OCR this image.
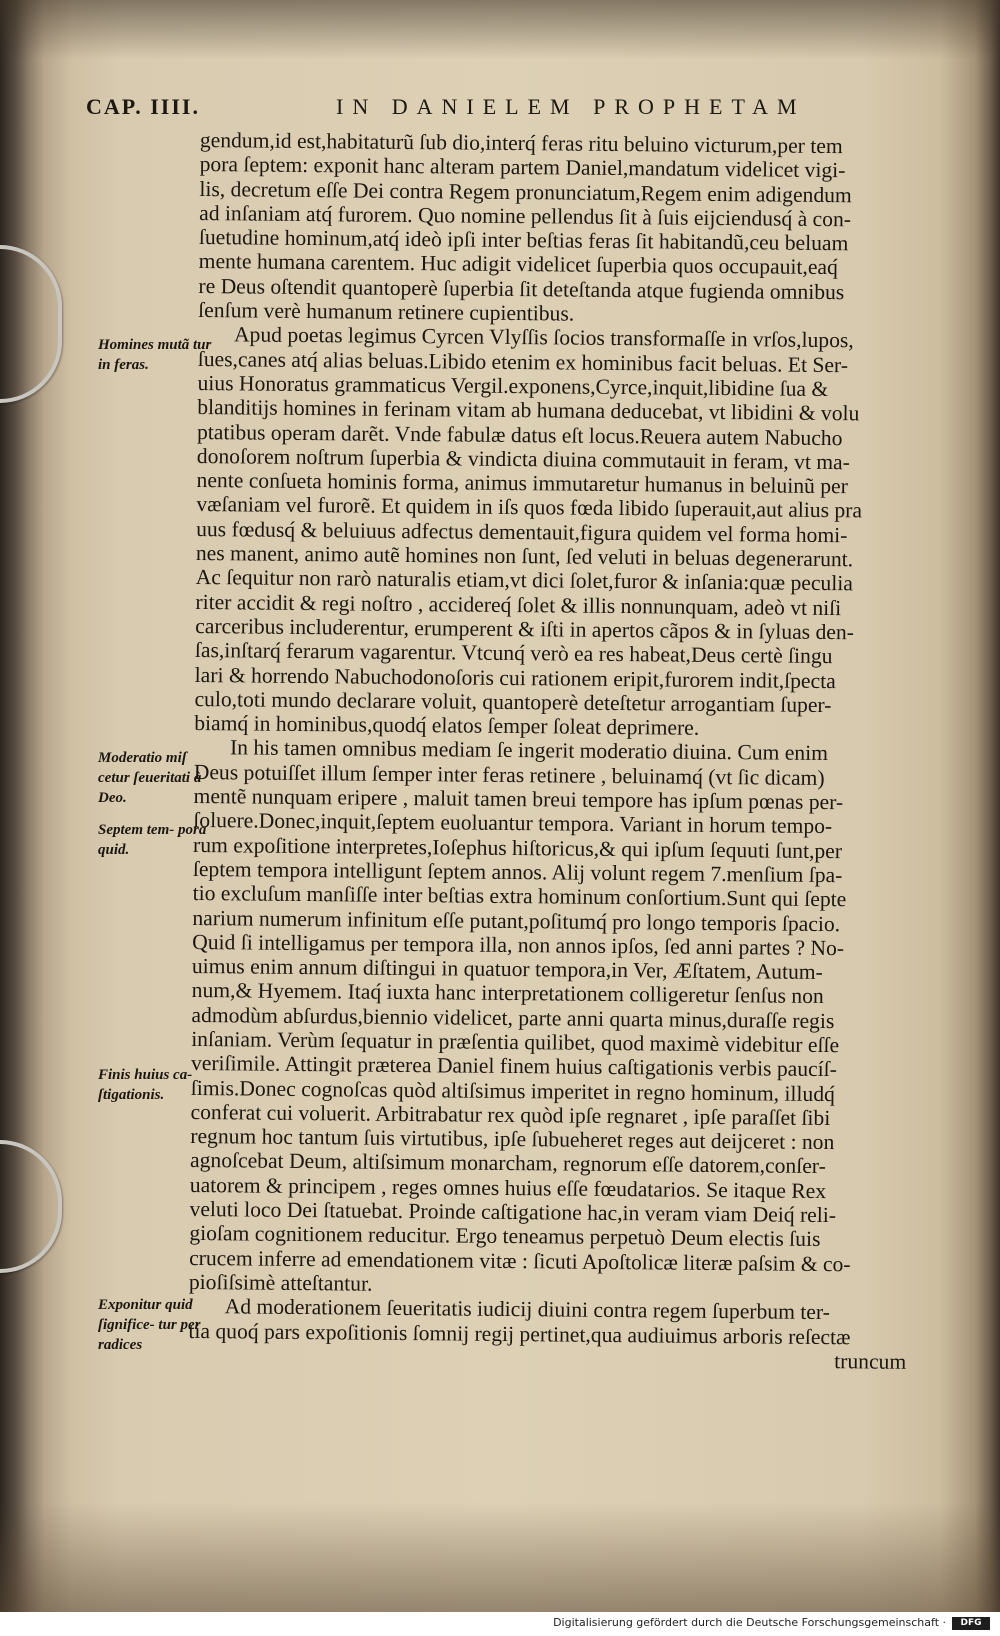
CAP. IIII.	IN DANIELEM PROPHETAM
gendum,id est,habitaturũ ſub dio,interq́ feras ritu beluino victurum,per tem
pora ſeptem: exponit hanc alteram partem Daniel,mandatum videlicet vigi-
lis, decretum eſſe Dei contra Regem pronunciatum,Regem enim adigendum
ad inſaniam atq́ furorem. Quo nomine pellendus ſit à ſuis eijciendusq́ à con-
ſuetudine hominum,atq́ ideò ipſi inter beſtias feras ſit habitandũ,ceu beluam
mente humana carentem. Huc adigit videlicet ſuperbia quos occupauit,eaq́
re Deus oſtendit quantoperè ſuperbia ſit deteſtanda atque fugienda omnibus
ſenſum verè humanum retinere cupientibus.
Apud poetas legimus Cyrcen Vlyſſis ſocios transformaſſe in vrſos,lupos,
ſues,canes atq́ alias beluas.Libido etenim ex hominibus facit beluas. Et Ser-
uius Honoratus grammaticus Vergil.exponens,Cyrce,inquit,libidine ſua &
blanditijs homines in ferinam vitam ab humana deducebat, vt libidini & volu
ptatibus operam darẽt. Vnde fabulæ datus eſt locus.Reuera autem Nabucho
donoſorem noſtrum ſuperbia & vindicta diuina commutauit in feram, vt ma-
nente conſueta hominis forma, animus immutaretur humanus in beluinũ per
væſaniam vel furorẽ. Et quidem in iſs quos fœda libido ſuperauit,aut alius pra
uus fœdusq́ & beluiuus adfectus dementauit,figura quidem vel forma homi-
nes manent, animo autẽ homines non ſunt, ſed veluti in beluas degenerarunt.
Ac ſequitur non rarò naturalis etiam,vt dici ſolet,furor & inſania:quæ peculia
riter accidit & regi noſtro , accidereq́ ſolet & illis nonnunquam, adeò vt niſi
carceribus includerentur, erumperent & iſti in apertos cãpos & in ſyluas den-
ſas,inſtarq́ ferarum vagarentur. Vtcunq́ verò ea res habeat,Deus certè ſingu
lari & horrendo Nabuchodonoſoris cui rationem eripit,furorem indit,ſpecta
culo,toti mundo declarare voluit, quantoperè deteſtetur arrogantiam ſuper-
biamq́ in hominibus,quodq́ elatos ſemper ſoleat deprimere.
In his tamen omnibus mediam ſe ingerit moderatio diuina. Cum enim
Deus potuiſſet illum ſemper inter feras retinere , beluinamq́ (vt ſic dicam)
mentẽ nunquam eripere , maluit tamen breui tempore has ipſum pœnas per-
ſoluere.Donec,inquit,ſeptem euoluantur tempora. Variant in horum tempo-
rum expoſitione interpretes,Ioſephus hiſtoricus,& qui ipſum ſequuti ſunt,per
ſeptem tempora intelligunt ſeptem annos. Alij volunt regem 7.menſium ſpa-
tio excluſum manſiſſe inter beſtias extra hominum conſortium.Sunt qui ſepte
narium numerum infinitum eſſe putant,poſitumq́ pro longo temporis ſpacio.
Quid ſi intelligamus per tempora illa, non annos ipſos, ſed anni partes ? No-
uimus enim annum diſtingui in quatuor tempora,in Ver, Æſtatem, Autum-
num,& Hyemem. Itaq́ iuxta hanc interpretationem colligeretur ſenſus non
admodùm abſurdus,biennio videlicet, parte anni quarta minus,duraſſe regis
inſaniam. Verùm ſequatur in præſentia quilibet, quod maximè videbitur eſſe
veriſimile. Attingit præterea Daniel finem huius caſtigationis verbis paucíſ-
ſimis.Donec cognoſcas quòd altiſsimus imperitet in regno hominum, illudq́
conferat cui voluerit. Arbitrabatur rex quòd ipſe regnaret , ipſe paraſſet ſibi
regnum hoc tantum ſuis virtutibus, ipſe ſubueheret reges aut deijceret : non
agnoſcebat Deum, altiſsimum monarcham, regnorum eſſe datorem,conſer-
uatorem & principem , reges omnes huius eſſe fœudatarios. Se itaque Rex
veluti loco Dei ſtatuebat. Proinde caſtigatione hac,in veram viam Deiq́ reli-
gioſam cognitionem reducitur. Ergo teneamus perpetuò Deum electis ſuis
crucem inferre ad emendationem vitæ : ſicuti Apoſtolicæ literæ paſsim & co-
pioſiſsimè atteſtantur.
Ad moderationem ſeueritatis iudicij diuini contra regem ſuperbum ter-
tia quoq́ pars expoſitionis ſomnij regij pertinet,qua audiuimus arboris reſectæ
truncum
Homines mutã tur in feras.
Moderatio miſ cetur ſeueritati à Deo.
Septem tem- pora quid.
Finis huius ca- ſtigationis.
Exponitur quid ſignifice- tur per radices
Digitalisierung gefördert durch die Deutsche Forschungsgemeinschaft ·	DFG
